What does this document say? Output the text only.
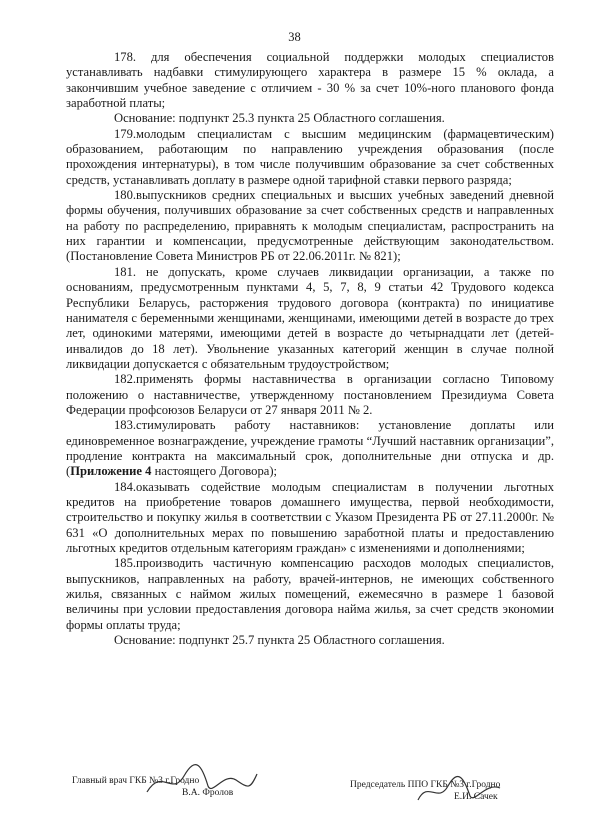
38

178. для обеспечения социальной поддержки молодых специалистов устанавливать надбавки стимулирующего характера в размере 15 % оклада, а закончившим учебное заведение с отличием - 30 % за счет 10%-ного планового фонда заработной платы;

Основание: подпункт 25.3 пункта 25 Областного соглашения.

179.молодым специалистам с высшим медицинским (фармацевтическим) образованием, работающим по направлению учреждения образования (после прохождения интернатуры), в том числе получившим образование за счет собственных средств, устанавливать доплату в размере одной тарифной ставки первого разряда;

180.выпускников средних специальных и высших учебных заведений дневной формы обучения, получивших образование за счет собственных средств и направленных на работу по распределению, приравнять к молодым специалистам, распространить на них гарантии и компенсации, предусмотренные действующим законодательством. (Постановление Совета Министров РБ от 22.06.2011г. № 821);

181. не допускать, кроме случаев ликвидации организации, а также по основаниям, предусмотренным пунктами 4, 5, 7, 8, 9 статьи 42 Трудового кодекса Республики Беларусь, расторжения трудового договора (контракта) по инициативе нанимателя с беременными женщинами, женщинами, имеющими детей в возрасте до трех лет, одинокими матерями, имеющими детей в возрасте до четырнадцати лет (детей-инвалидов до 18 лет). Увольнение указанных категорий женщин в случае полной ликвидации допускается с обязательным трудоустройством;

182.применять формы наставничества в организации согласно Типовому положению о наставничестве, утвержденному постановлением Президиума Совета Федерации профсоюзов Беларуси от 27 января 2011 № 2.

183.стимулировать работу наставников: установление доплаты или единовременное вознаграждение, учреждение грамоты “Лучший наставник организации”, продление контракта на максимальный срок, дополнительные дни отпуска и др. (Приложение 4 настоящего Договора);

184.оказывать содействие молодым специалистам в получении льготных кредитов на приобретение товаров домашнего имущества, первой необходимости, строительство и покупку жилья в соответствии с Указом Президента РБ от 27.11.2000г. № 631 «О дополнительных мерах по повышению заработной платы и предоставлению льготных кредитов отдельным категориям граждан» с изменениями и дополнениями;

185.производить частичную компенсацию расходов молодых специалистов, выпускников, направленных на работу, врачей-интернов, не имеющих собственного жилья, связанных с наймом жилых помещений, ежемесячно в размере 1 базовой величины при условии предоставления договора найма жилья, за счет средств экономии формы оплаты труда;

Основание: подпункт 25.7 пункта 25 Областного соглашения.

Главный врач ГКБ №3 г.Гродно
В.А. Фролов
Председатель ППО ГКБ №3 г.Гродно
Е.И. Сачек
